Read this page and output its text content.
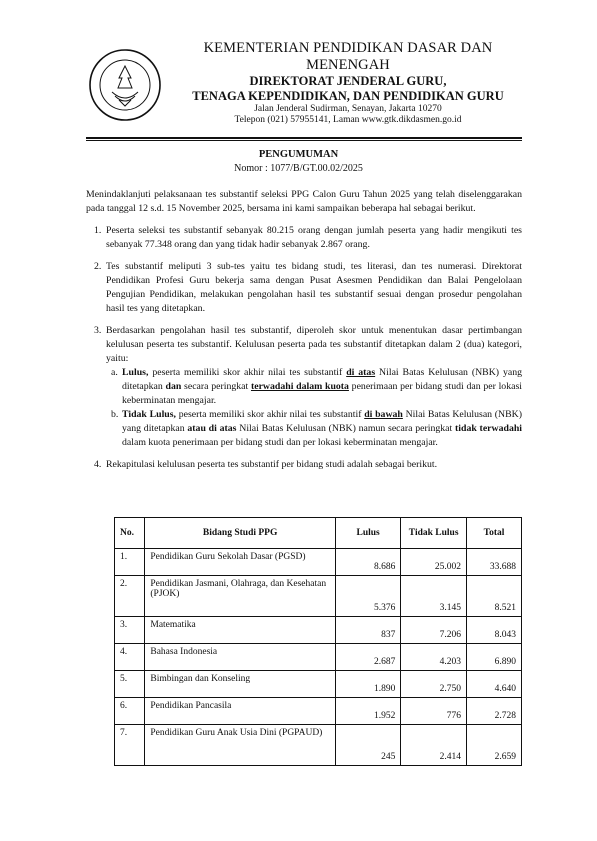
KEMENTERIAN PENDIDIKAN DASAR DAN
MENENGAH
DIREKTORAT JENDERAL GURU,
TENAGA KEPENDIDIKAN, DAN PENDIDIKAN GURU
Jalan Jenderal Sudirman, Senayan, Jakarta 10270
Telepon (021) 57955141, Laman www.gtk.dikdasmen.go.id
PENGUMUMAN
Nomor : 1077/B/GT.00.02/2025

Menindaklanjuti pelaksanaan tes substantif seleksi PPG Calon Guru Tahun 2025 yang telah diselenggarakan pada tanggal 12 s.d. 15 November 2025, bersama ini kami sampaikan beberapa hal sebagai berikut.

1. Peserta seleksi tes substantif sebanyak 80.215 orang dengan jumlah peserta yang hadir mengikuti tes sebanyak 77.348 orang dan yang tidak hadir sebanyak 2.867 orang.
2. Tes substantif meliputi 3 sub-tes yaitu tes bidang studi, tes literasi, dan tes numerasi. Direktorat Pendidikan Profesi Guru bekerja sama dengan Pusat Asesmen Pendidikan dan Balai Pengelolaan Pengujian Pendidikan, melakukan pengolahan hasil tes substantif sesuai dengan prosedur pengolahan hasil tes yang ditetapkan.
3. Berdasarkan pengolahan hasil tes substantif, diperoleh skor untuk menentukan dasar pertimbangan kelulusan peserta tes substantif. Kelulusan peserta pada tes substantif ditetapkan dalam 2 (dua) kategori, yaitu:
a. Lulus, peserta memiliki skor akhir nilai tes substantif di atas Nilai Batas Kelulusan (NBK) yang ditetapkan dan secara peringkat terwadahi dalam kuota penerimaan per bidang studi dan per lokasi keberminatan mengajar.
b. Tidak Lulus, peserta memiliki skor akhir nilai tes substantif di bawah Nilai Batas Kelulusan (NBK) yang ditetapkan atau di atas Nilai Batas Kelulusan (NBK) namun secara peringkat tidak terwadahi dalam kuota penerimaan per bidang studi dan per lokasi keberminatan mengajar.
4. Rekapitulasi kelulusan peserta tes substantif per bidang studi adalah sebagai berikut.
No.	Bidang Studi PPG	Lulus	Tidak Lulus	Total
1.	Pendidikan Guru Sekolah Dasar (PGSD)	8.686	25.002	33.688
2.	Pendidikan Jasmani, Olahraga, dan Kesehatan (PJOK)	5.376	3.145	8.521
3.	Matematika	837	7.206	8.043
4.	Bahasa Indonesia	2.687	4.203	6.890
5.	Bimbingan dan Konseling	1.890	2.750	4.640
6.	Pendidikan Pancasila	1.952	776	2.728
7.	Pendidikan Guru Anak Usia Dini (PGPAUD)	245	2.414	2.659
